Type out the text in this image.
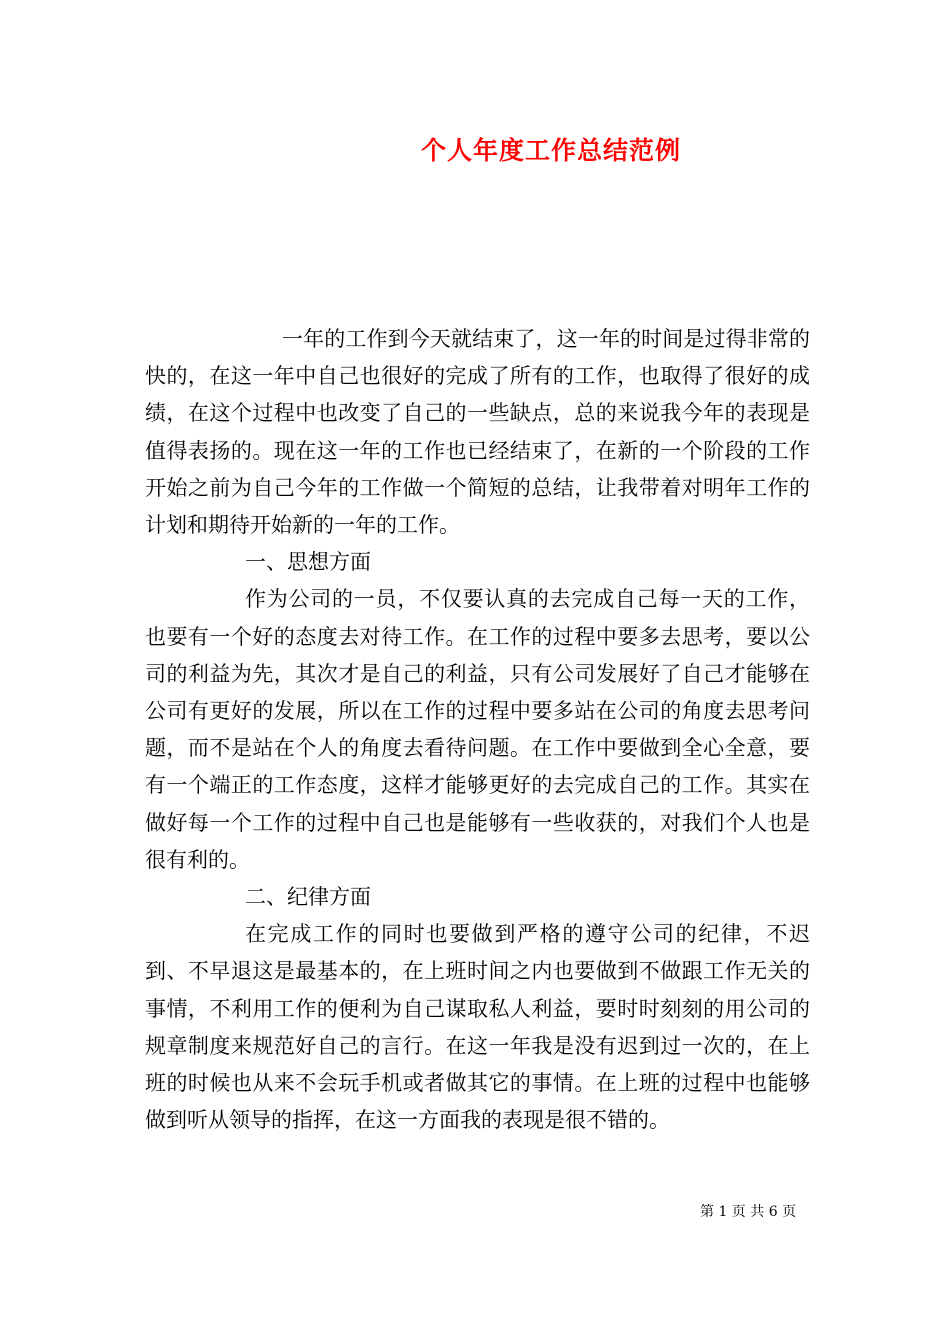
个人年度工作总结范例

一年的工作到今天就结束了，这一年的时间是过得非常的快的，在这一年中自己也很好的完成了所有的工作，也取得了很好的成绩，在这个过程中也改变了自己的一些缺点，总的来说我今年的表现是值得表扬的。现在这一年的工作也已经结束了，在新的一个阶段的工作开始之前为自己今年的工作做一个简短的总结，让我带着对明年工作的计划和期待开始新的一年的工作。

一、思想方面

作为公司的一员，不仅要认真的去完成自己每一天的工作，也要有一个好的态度去对待工作。在工作的过程中要多去思考，要以公司的利益为先，其次才是自己的利益，只有公司发展好了自己才能够在公司有更好的发展，所以在工作的过程中要多站在公司的角度去思考问题，而不是站在个人的角度去看待问题。在工作中要做到全心全意，要有一个端正的工作态度，这样才能够更好的去完成自己的工作。其实在做好每一个工作的过程中自己也是能够有一些收获的，对我们个人也是很有利的。

二、纪律方面

在完成工作的同时也要做到严格的遵守公司的纪律，不迟到、不早退这是最基本的，在上班时间之内也要做到不做跟工作无关的事情，不利用工作的便利为自己谋取私人利益，要时时刻刻的用公司的规章制度来规范好自己的言行。在这一年我是没有迟到过一次的，在上班的时候也从来不会玩手机或者做其它的事情。在上班的过程中也能够做到听从领导的指挥，在这一方面我的表现是很不错的。

第 1 页 共 6 页
